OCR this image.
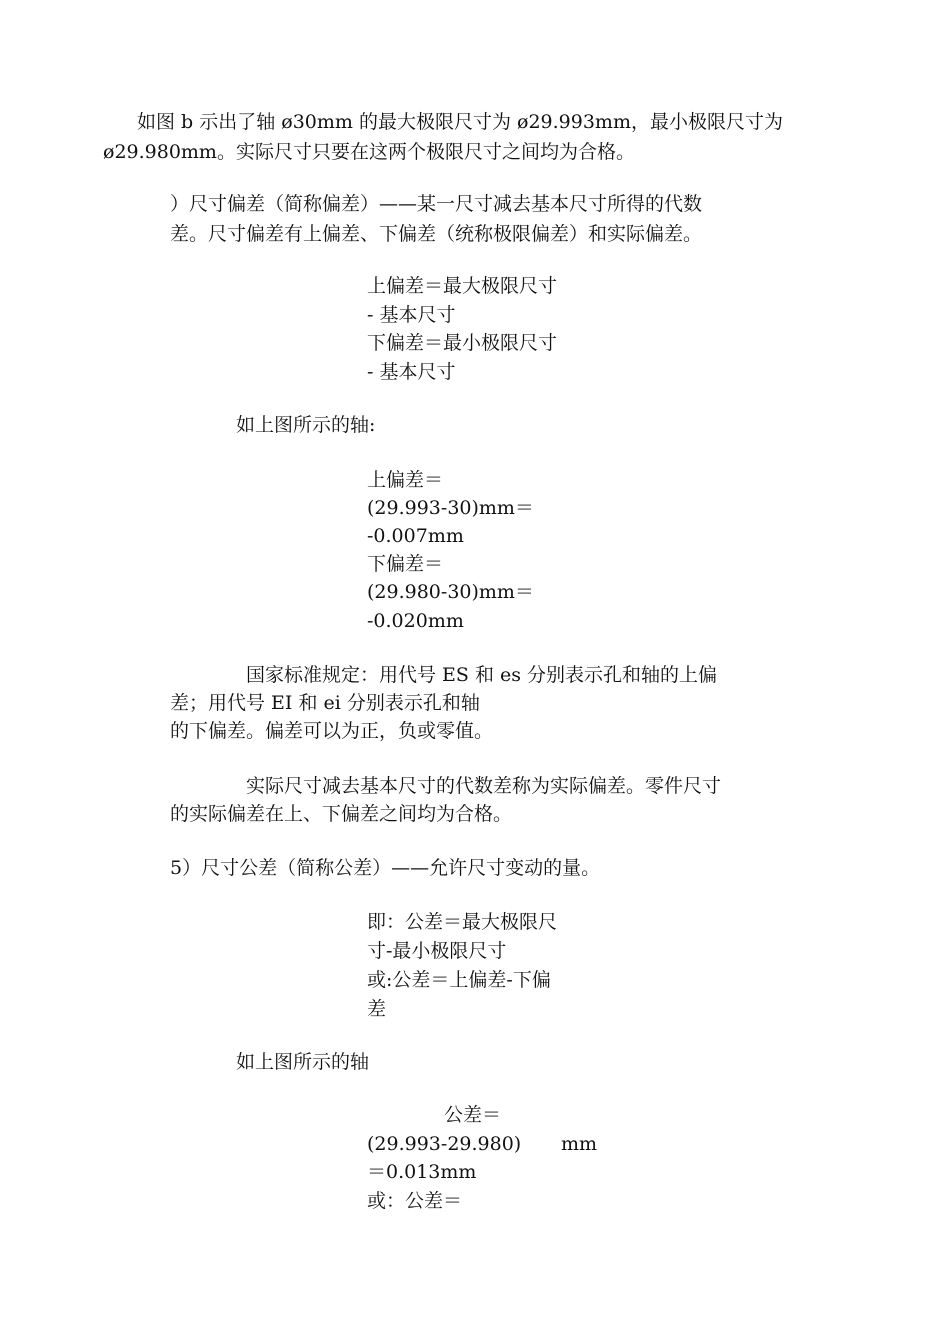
如图 b 示出了轴 ø30mm 的最大极限尺寸为 ø29.993mm，最小极限尺寸为

ø29.980mm。实际尺寸只要在这两个极限尺寸之间均为合格。

）尺寸偏差（简称偏差）——某一尺寸减去基本尺寸所得的代数

差。尺寸偏差有上偏差、下偏差（统称极限偏差）和实际偏差。

上偏差＝最大极限尺寸

- 基本尺寸

下偏差＝最小极限尺寸

- 基本尺寸

如上图所示的轴:

上偏差＝

(29.993-30)mm＝

-0.007mm

下偏差＝

(29.980-30)mm＝

-0.020mm

国家标准规定：用代号 ES 和 es 分别表示孔和轴的上偏

差；用代号 EI 和 ei 分别表示孔和轴

的下偏差。偏差可以为正，负或零值。

实际尺寸减去基本尺寸的代数差称为实际偏差。零件尺寸

的实际偏差在上、下偏差之间均为合格。

5）尺寸公差（简称公差）——允许尺寸变动的量。

即：公差＝最大极限尺

寸-最小极限尺寸

或:公差＝上偏差-下偏

差

如上图所示的轴

公差＝

(29.993-29.980) mm

＝0.013mm

或：公差＝
